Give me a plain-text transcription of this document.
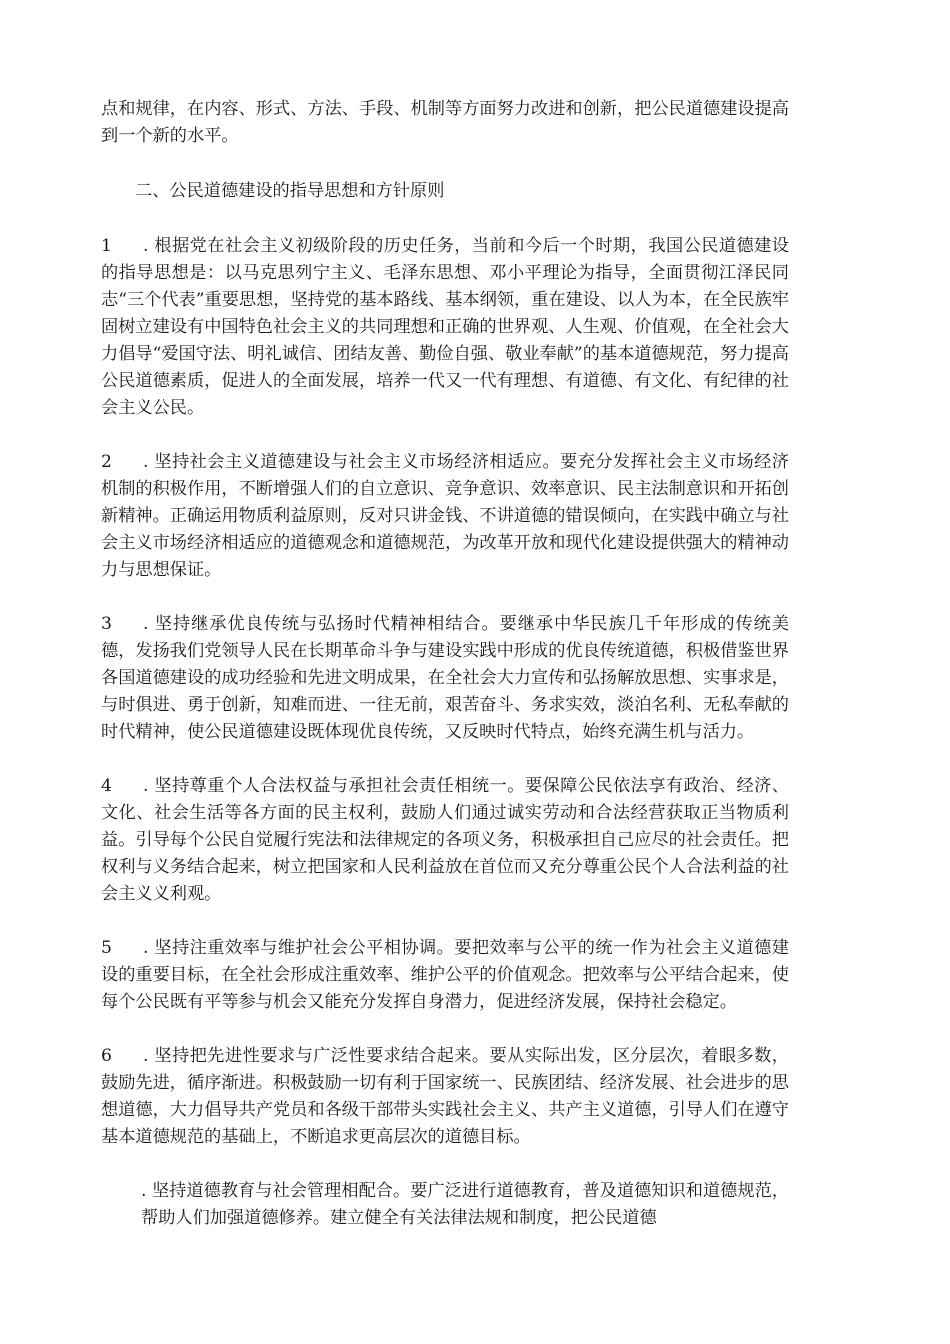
点和规律，在内容、形式、方法、手段、机制等方面努力改进和创新，把公民道德建设提高到一个新的水平。

二、公民道德建设的指导思想和方针原则

1 . 根据党在社会主义初级阶段的历史任务，当前和今后一个时期，我国公民道德建设的指导思想是：以马克思列宁主义、毛泽东思想、邓小平理论为指导，全面贯彻江泽民同志“三个代表”重要思想，坚持党的基本路线、基本纲领，重在建设、以人为本，在全民族牢固树立建设有中国特色社会主义的共同理想和正确的世界观、人生观、价值观，在全社会大力倡导“爱国守法、明礼诚信、团结友善、勤俭自强、敬业奉献”的基本道德规范，努力提高公民道德素质，促进人的全面发展，培养一代又一代有理想、有道德、有文化、有纪律的社会主义公民。

2 . 坚持社会主义道德建设与社会主义市场经济相适应。要充分发挥社会主义市场经济机制的积极作用，不断增强人们的自立意识、竞争意识、效率意识、民主法制意识和开拓创新精神。正确运用物质利益原则，反对只讲金钱、不讲道德的错误倾向，在实践中确立与社会主义市场经济相适应的道德观念和道德规范，为改革开放和现代化建设提供强大的精神动力与思想保证。

3 . 坚持继承优良传统与弘扬时代精神相结合。要继承中华民族几千年形成的传统美德，发扬我们党领导人民在长期革命斗争与建设实践中形成的优良传统道德，积极借鉴世界各国道德建设的成功经验和先进文明成果，在全社会大力宣传和弘扬解放思想、实事求是，与时俱进、勇于创新，知难而进、一往无前，艰苦奋斗、务求实效，淡泊名利、无私奉献的时代精神，使公民道德建设既体现优良传统，又反映时代特点，始终充满生机与活力。

4 . 坚持尊重个人合法权益与承担社会责任相统一。要保障公民依法享有政治、经济、文化、社会生活等各方面的民主权利，鼓励人们通过诚实劳动和合法经营获取正当物质利益。引导每个公民自觉履行宪法和法律规定的各项义务，积极承担自己应尽的社会责任。把权利与义务结合起来，树立把国家和人民利益放在首位而又充分尊重公民个人合法利益的社会主义义利观。

5 . 坚持注重效率与维护社会公平相协调。要把效率与公平的统一作为社会主义道德建设的重要目标，在全社会形成注重效率、维护公平的价值观念。把效率与公平结合起来，使每个公民既有平等参与机会又能充分发挥自身潜力，促进经济发展，保持社会稳定。

6 . 坚持把先进性要求与广泛性要求结合起来。要从实际出发，区分层次，着眼多数，鼓励先进，循序渐进。积极鼓励一切有利于国家统一、民族团结、经济发展、社会进步的思想道德，大力倡导共产党员和各级干部带头实践社会主义、共产主义道德，引导人们在遵守基本道德规范的基础上，不断追求更高层次的道德目标。

. 坚持道德教育与社会管理相配合。要广泛进行道德教育，普及道德知识和道德规范，帮助人们加强道德修养。建立健全有关法律法规和制度，把公民道德
